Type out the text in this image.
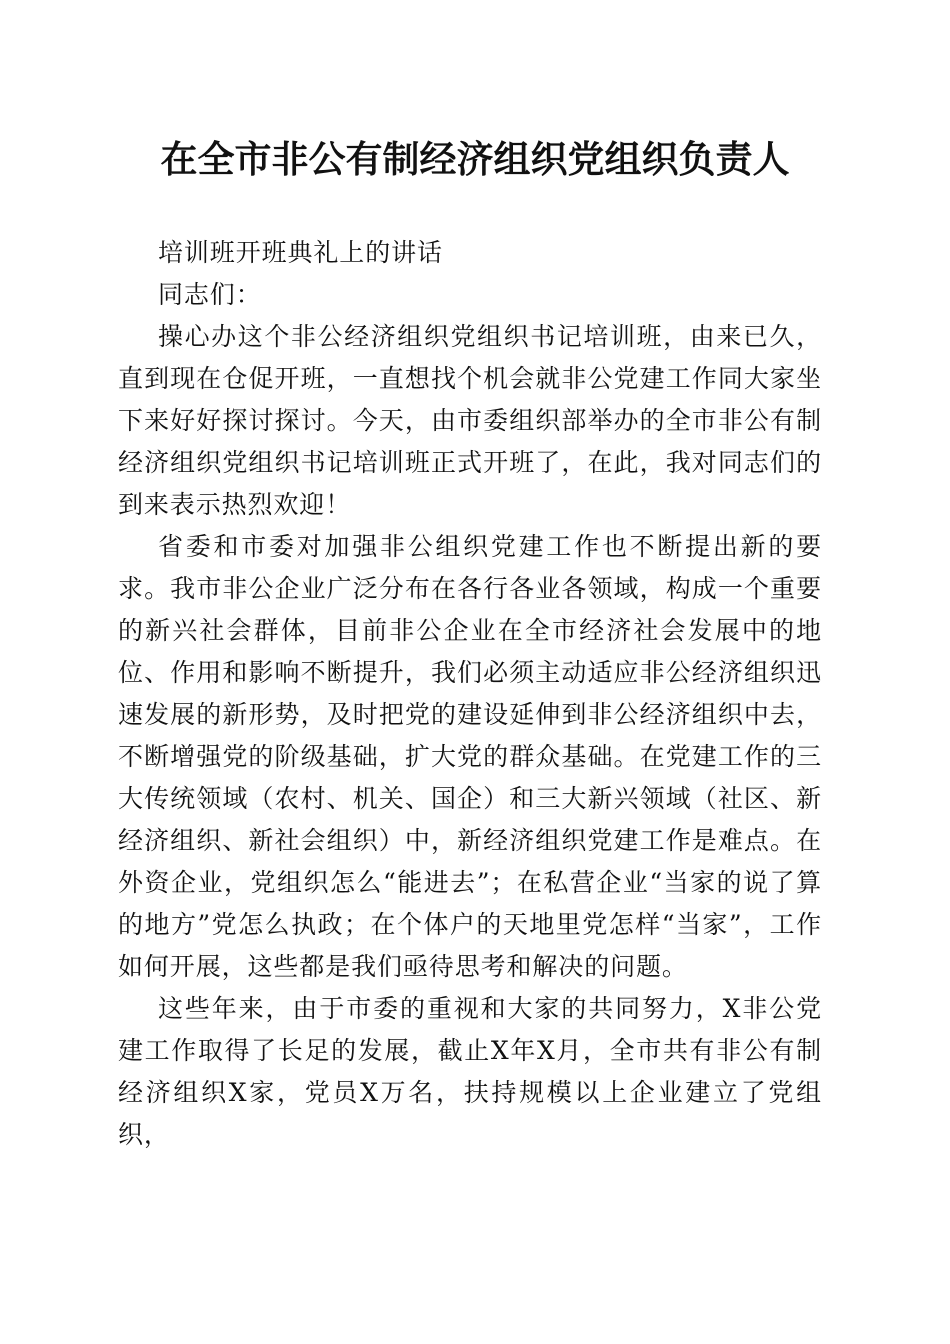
在全市非公有制经济组织党组织负责人

培训班开班典礼上的讲话

同志们：

操心办这个非公经济组织党组织书记培训班，由来已久，直到现在仓促开班，一直想找个机会就非公党建工作同大家坐下来好好探讨探讨。今天，由市委组织部举办的全市非公有制经济组织党组织书记培训班正式开班了，在此，我对同志们的到来表示热烈欢迎！

省委和市委对加强非公组织党建工作也不断提出新的要求。我市非公企业广泛分布在各行各业各领域，构成一个重要的新兴社会群体，目前非公企业在全市经济社会发展中的地位、作用和影响不断提升，我们必须主动适应非公经济组织迅速发展的新形势，及时把党的建设延伸到非公经济组织中去，不断增强党的阶级基础，扩大党的群众基础。在党建工作的三大传统领域（农村、机关、国企）和三大新兴领域（社区、新经济组织、新社会组织）中，新经济组织党建工作是难点。在外资企业，党组织怎么“能进去”；在私营企业“当家的说了算的地方”党怎么执政；在个体户的天地里党怎样“当家”，工作如何开展，这些都是我们亟待思考和解决的问题。

这些年来，由于市委的重视和大家的共同努力，X非公党建工作取得了长足的发展，截止X年X月，全市共有非公有制经济组织X家，党员X万名，扶持规模以上企业建立了党组织，
